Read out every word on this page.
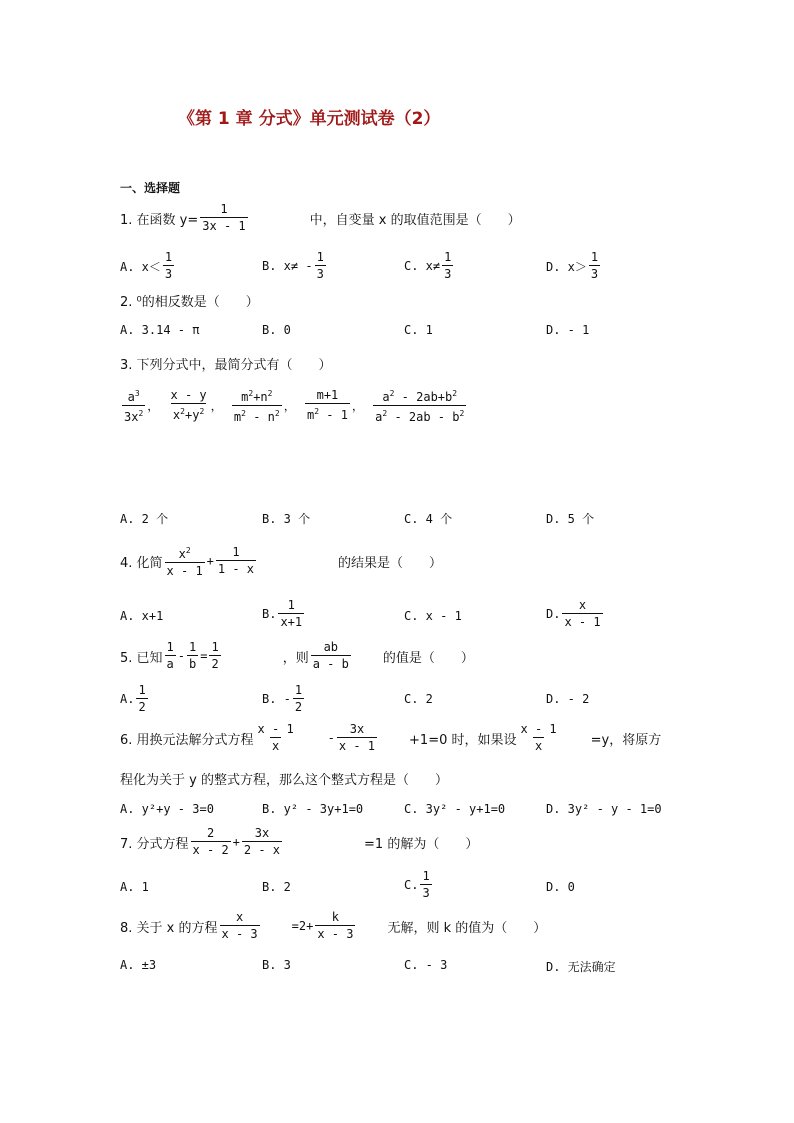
《第 1 章 分式》单元测试卷（2）
一、选择题
1. 在函数 $y= \frac{1}{3x - 1}$	中，自变量 x 的取值范围是（　　）
A. $x< \frac{1}{3}$	B. $x\ne - \frac{1}{3}$	C. $x\ne \frac{1}{3}$	D. $x> \frac{1}{3}$
2. ⁰的相反数是（　　）
A. 3.14 - π	B. 0	C. 1	D. - 1
3. 下列分式中，最简分式有（　　）
$\frac{a^3}{3x^2}$ ， $\frac{x - y}{x^2+y^2}$ ， $\frac{m^2+n^2}{m^2 - n^2}$ ， $\frac{m+1}{m^2 - 1}$ ， $\frac{a^2 - 2ab+b^2}{a^2 - 2ab - b^2}$
A. 2 个	B. 3 个	C. 4 个	D. 5 个
4. 化简 $\frac{x^2}{x - 1} + \frac{1}{1 - x}$	的结果是（　　）
A. x+1	B. $\frac{1}{x+1}$	C. x - 1	D. $\frac{x}{x - 1}$
5. 已知 $\frac{1}{a} - \frac{1}{b} = \frac{1}{2}$	，则 $\frac{ab}{a - b}$ 的值是（　　）
A. $\frac{1}{2}$	B. - $\frac{1}{2}$	C. 2	D. - 2
6. 用换元法解分式方程 $\frac{x - 1}{x}$	- $\frac{3x}{x - 1} +1=0$ 时，如果设 $\frac{x - 1}{x} =y$，将原方
程化为关于 y 的整式方程，那么这个整式方程是（　　）
A. y²+y - 3=0	B. y² - 3y+1=0	C. 3y² - y+1=0	D. 3y² - y - 1=0
7. 分式方程 $\frac{2}{x - 2} + \frac{3x}{2 - x}$	=1 的解为（　　）
A. 1	B. 2	C. $\frac{1}{3}$	D. 0
8. 关于 x 的方程 $\frac{x}{x - 3}$	$=2+ \frac{k}{x - 3}$ 无解，则 k 的值为（　　）
A. ±3	B. 3	C. - 3	D. 无法确定
